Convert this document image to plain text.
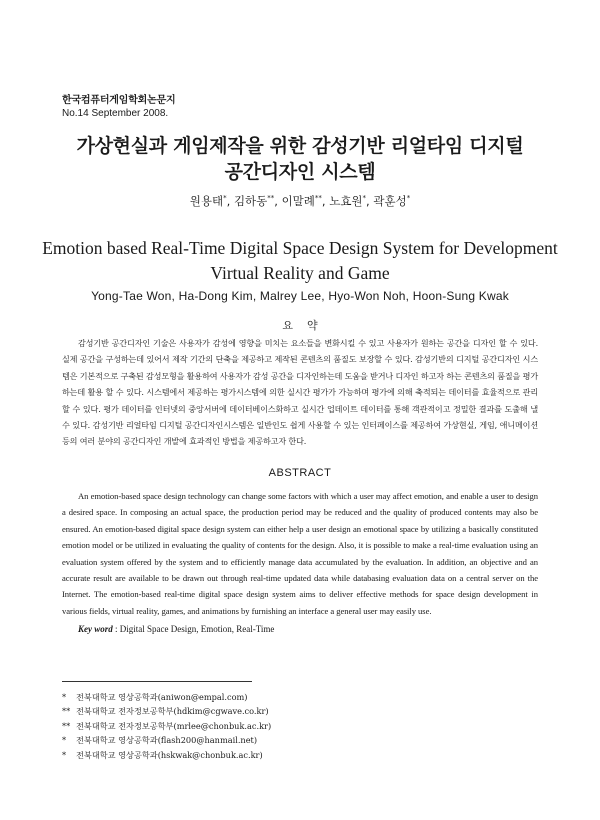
한국컴퓨터게임학회논문지
No.14 September 2008.
가상현실과 게임제작을 위한 감성기반 리얼타임 디지털
공간디자인 시스템
원용태*, 김하동**, 이말례**, 노효원*, 곽훈성*
Emotion based Real-Time Digital Space Design System for Development
Virtual Reality and Game
Yong-Tae Won, Ha-Dong Kim, Malrey Lee, Hyo-Won Noh, Hoon-Sung Kwak
요약
감성기반 공간디자인 기술은 사용자가 감성에 영향을 미치는 요소들을 변화시킬 수 있고 사용자가 원하는 공간을 디자인 할 수 있다. 실제 공간을 구성하는데 있어서 제작 기간의 단축을 제공하고 제작된 콘텐츠의 품질도 보장할 수 있다. 감성기반의 디지털 공간디자인 시스템은 기본적으로 구축된 감성모형을 활용하여 사용자가 감성 공간을 디자인하는데 도움을 받거나 디자인 하고자 하는 콘텐츠의 품질을 평가하는데 활용 할 수 있다. 시스템에서 제공하는 평가시스템에 의한 실시간 평가가 가능하며 평가에 의해 축적되는 데이터를 효율적으로 관리할 수 있다. 평가 데이터를 인터넷의 중앙서버에 데이터베이스화하고 실시간 업데이트 데이터를 통해 객관적이고 정밀한 결과를 도출해 낼 수 있다. 감성기반 리얼타임 디지털 공간디자인시스템은 일반인도 쉽게 사용할 수 있는 인터페이스를 제공하여 가상현실, 게임, 애니메이션 등의 여러 분야의 공간디자인 개발에 효과적인 방법을 제공하고자 한다.
ABSTRACT
An emotion-based space design technology can change some factors with which a user may affect emotion, and enable a user to design a desired space. In composing an actual space, the production period may be reduced and the quality of produced contents may also be ensured. An emotion-based digital space design system can either help a user design an emotional space by utilizing a basically constituted emotion model or be utilized in evaluating the quality of contents for the design. Also, it is possible to make a real-time evaluation using an evaluation system offered by the system and to efficiently manage data accumulated by the evaluation. In addition, an objective and an accurate result are available to be drawn out through real-time updated data while databasing evaluation data on a central server on the Internet. The emotion-based real-time digital space design system aims to deliver effective methods for space design development in various fields, virtual reality, games, and animations by furnishing an interface a general user may easily use.
Key word : Digital Space Design, Emotion, Real-Time
* 전북대학교 영상공학과(aniwon@empal.com)
** 전북대학교 전자정보공학부(hdkim@cgwave.co.kr)
** 전북대학교 전자정보공학부(mrlee@chonbuk.ac.kr)
* 전북대학교 영상공학과(flash200@hanmail.net)
* 전북대학교 영상공학과(hskwak@chonbuk.ac.kr)
